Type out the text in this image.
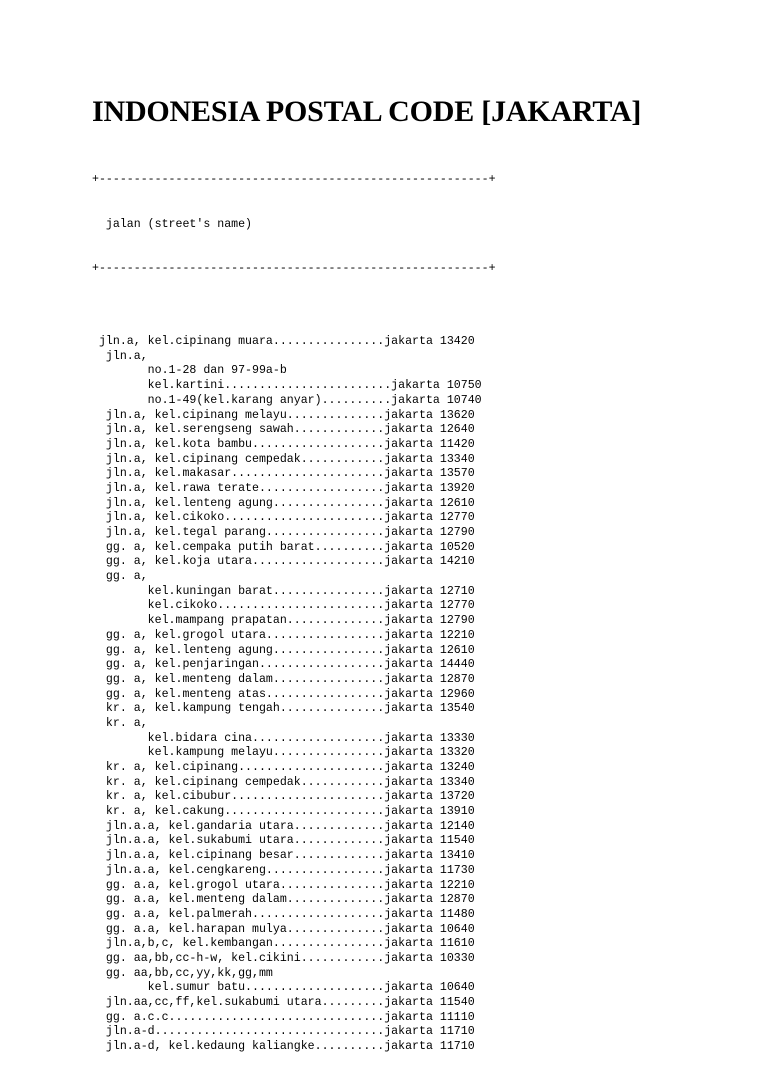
INDONESIA POSTAL CODE [JAKARTA]

+--------------------------------------------------------+

jalan (street's name)

+--------------------------------------------------------+

jln.a, kel.cipinang muara................jakarta 13420
jln.a,
no.1-28 dan 97-99a-b
kel.kartini........................jakarta 10750
no.1-49(kel.karang anyar)..........jakarta 10740
jln.a, kel.cipinang melayu..............jakarta 13620
jln.a, kel.serengseng sawah.............jakarta 12640
jln.a, kel.kota bambu...................jakarta 11420
jln.a, kel.cipinang cempedak............jakarta 13340
jln.a, kel.makasar......................jakarta 13570
jln.a, kel.rawa terate..................jakarta 13920
jln.a, kel.lenteng agung................jakarta 12610
jln.a, kel.cikoko.......................jakarta 12770
jln.a, kel.tegal parang.................jakarta 12790
gg. a, kel.cempaka putih barat..........jakarta 10520
gg. a, kel.koja utara...................jakarta 14210
gg. a,
kel.kuningan barat................jakarta 12710
kel.cikoko........................jakarta 12770
kel.mampang prapatan..............jakarta 12790
gg. a, kel.grogol utara.................jakarta 12210
gg. a, kel.lenteng agung................jakarta 12610
gg. a, kel.penjaringan..................jakarta 14440
gg. a, kel.menteng dalam................jakarta 12870
gg. a, kel.menteng atas.................jakarta 12960
kr. a, kel.kampung tengah...............jakarta 13540
kr. a,
kel.bidara cina...................jakarta 13330
kel.kampung melayu................jakarta 13320
kr. a, kel.cipinang.....................jakarta 13240
kr. a, kel.cipinang cempedak............jakarta 13340
kr. a, kel.cibubur......................jakarta 13720
kr. a, kel.cakung.......................jakarta 13910
jln.a.a, kel.gandaria utara.............jakarta 12140
jln.a.a, kel.sukabumi utara.............jakarta 11540
jln.a.a, kel.cipinang besar.............jakarta 13410
jln.a.a, kel.cengkareng.................jakarta 11730
gg. a.a, kel.grogol utara...............jakarta 12210
gg. a.a, kel.menteng dalam..............jakarta 12870
gg. a.a, kel.palmerah...................jakarta 11480
gg. a.a, kel.harapan mulya..............jakarta 10640
jln.a,b,c, kel.kembangan................jakarta 11610
gg. aa,bb,cc-h-w, kel.cikini............jakarta 10330
gg. aa,bb,cc,yy,kk,gg,mm
kel.sumur batu....................jakarta 10640
jln.aa,cc,ff,kel.sukabumi utara.........jakarta 11540
gg. a.c.c...............................jakarta 11110
jln.a-d.................................jakarta 11710
jln.a-d, kel.kedaung kaliangke..........jakarta 11710
